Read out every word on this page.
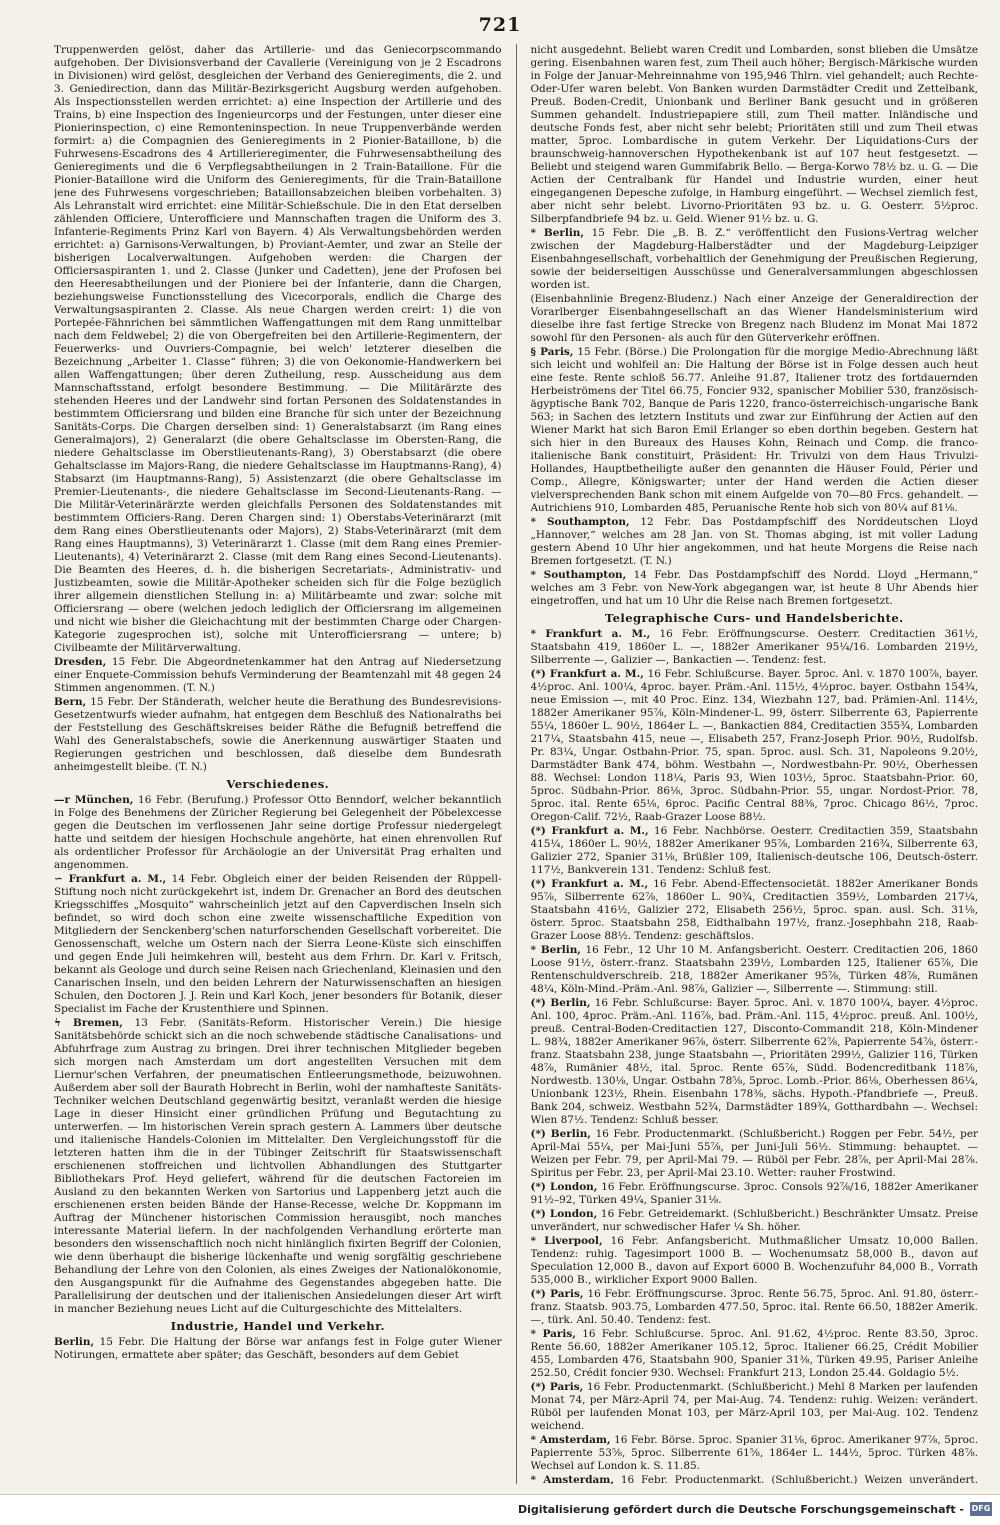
721

Truppenwerden gelöst, daher das Artillerie- und das Geniecorpscommando aufgehoben. Der Divisionsverband der Cavallerie (Vereinigung von je 2 Escadrons in Divisionen) wird gelöst, desgleichen der Verband des Genieregiments, die 2. und 3. Geniedirection, dann das Militär-Bezirksgericht Augsburg werden aufgehoben. Als Inspectionsstellen werden errichtet: a) eine Inspection der Artillerie und des Trains, b) eine Inspection des Ingenieurcorps und der Festungen, unter dieser eine Pionierinspection, c) eine Remonteninspection. In neue Truppenverbände werden formirt: a) die Compagnien des Genieregiments in 2 Pionier-Bataillone, b) die Fuhrwesens-Escadrons des 4 Artillerieregimenter, die Fuhrwesensabtheilung des Genieregiments und die 6 Verpflegsabtheilungen in 2 Train-Bataillone. Für die Pionier-Bataillone wird die Uniform des Genieregiments, für die Train-Bataillone jene des Fuhrwesens vorgeschrieben; Bataillonsabzeichen bleiben vorbehalten. 3) Als Lehranstalt wird errichtet: eine Militär-Schießschule. Die in den Etat derselben zählenden Officiere, Unterofficiere und Mannschaften tragen die Uniform des 3. Infanterie-Regiments Prinz Karl von Bayern. 4) Als Verwaltungsbehörden werden errichtet: a) Garnisons-Verwaltungen, b) Proviant-Aemter, und zwar an Stelle der bisherigen Localverwaltungen. Aufgehoben werden: die Chargen der Officiersaspiranten 1. und 2. Classe (Junker und Cadetten), jene der Profosen bei den Heeresabtheilungen und der Pioniere bei der Infanterie, dann die Chargen, beziehungsweise Functionsstellung des Vicecorporals, endlich die Charge des Verwaltungsaspiranten 2. Classe. Als neue Chargen werden creirt: 1) die von Portepée-Fähnrichen bei sämmtlichen Waffengattungen mit dem Rang unmittelbar nach dem Feldwebel; 2) die von Obergefreiten bei den Artillerie-Regimentern, der Feuerwerks- und Ouvriers-Compagnie, bei welch' letzterer dieselben die Bezeichnung „Arbeiter 1. Classe“ führen; 3) die von Oekonomie-Handwerkern bei allen Waffengattungen; über deren Zutheilung, resp. Ausscheidung aus dem Mannschaftsstand, erfolgt besondere Bestimmung. — Die Militärärzte des stehenden Heeres und der Landwehr sind fortan Personen des Soldatenstandes in bestimmtem Officiersrang und bilden eine Branche für sich unter der Bezeichnung Sanitäts-Corps. Die Chargen derselben sind: 1) Generalstabsarzt (im Rang eines Generalmajors), 2) Generalarzt (die obere Gehaltsclasse im Obersten-Rang, die niedere Gehaltsclasse im Oberstlieutenants-Rang), 3) Oberstabsarzt (die obere Gehaltsclasse im Majors-Rang, die niedere Gehaltsclasse im Hauptmanns-Rang), 4) Stabsarzt (im Hauptmanns-Rang), 5) Assistenzarzt (die obere Gehaltsclasse im Premier-Lieutenants-, die niedere Gehaltsclasse im Second-Lieutenants-Rang. — Die Militär-Veterinärärzte werden gleichfalls Personen des Soldatenstandes mit bestimmtem Officiers-Rang. Deren Chargen sind: 1) Oberstabs-Veterinärarzt (mit dem Rang eines Oberstlieutenants oder Majors), 2) Stabs-Veterinärarzt (mit dem Rang eines Hauptmanns), 3) Veterinärarzt 1. Classe (mit dem Rang eines Premier-Lieutenants), 4) Veterinärarzt 2. Classe (mit dem Rang eines Second-Lieutenants). Die Beamten des Heeres, d. h. die bisherigen Secretariats-, Administrativ- und Justizbeamten, sowie die Militär-Apotheker scheiden sich für die Folge bezüglich ihrer allgemein dienstlichen Stellung in: a) Militärbeamte und zwar: solche mit Officiersrang — obere (welchen jedoch lediglich der Officiersrang im allgemeinen und nicht wie bisher die Gleichachtung mit der bestimmten Charge oder Chargen-Kategorie zugesprochen ist), solche mit Unterofficiersrang — untere; b) Civilbeamte der Militärverwaltung.

Dresden, 15 Febr. Die Abgeordnetenkammer hat den Antrag auf Niedersetzung einer Enquete-Commission behufs Verminderung der Beamtenzahl mit 48 gegen 24 Stimmen angenommen. (T. N.)

Bern, 15 Febr. Der Ständerath, welcher heute die Berathung des Bundesrevisions-Gesetzentwurfs wieder aufnahm, hat entgegen dem Beschluß des Nationalraths bei der Feststellung des Geschäftskreises beider Räthe die Befugniß betreffend die Wahl des Generalstabschefs, sowie die Anerkennung auswärtiger Staaten und Regierungen gestrichen und beschlossen, daß dieselbe dem Bundesrath anheimgestellt bleibe. (T. N.)

Verschiedenes.

—r München, 16 Febr. (Berufung.) Professor Otto Benndorf, welcher bekanntlich in Folge des Benehmens der Züricher Regierung bei Gelegenheit der Pöbelexcesse gegen die Deutschen im verflossenen Jahr seine dortige Professur niedergelegt hatte und seitdem der hiesigen Hochschule angehörte, hat einen ehrenvollen Ruf als ordentlicher Professor für Archäologie an der Universität Prag erhalten und angenommen.

∽ Frankfurt a. M., 14 Febr. Obgleich einer der beiden Reisenden der Rüppell-Stiftung noch nicht zurückgekehrt ist, indem Dr. Grenacher an Bord des deutschen Kriegsschiffes „Mosquito“ wahrscheinlich jetzt auf den Capverdischen Inseln sich befindet, so wird doch schon eine zweite wissenschaftliche Expedition von Mitgliedern der Senckenberg'schen naturforschenden Gesellschaft vorbereitet. Die Genossenschaft, welche um Ostern nach der Sierra Leone-Küste sich einschiffen und gegen Ende Juli heimkehren will, besteht aus dem Frhrn. Dr. Karl v. Fritsch, bekannt als Geologe und durch seine Reisen nach Griechenland, Kleinasien und den Canarischen Inseln, und den beiden Lehrern der Naturwissenschaften an hiesigen Schulen, den Doctoren J. J. Rein und Karl Koch, jener besonders für Botanik, dieser Specialist im Fache der Krustenthiere und Spinnen.

ϟ Bremen, 13 Febr. (Sanitäts-Reform. Historischer Verein.) Die hiesige Sanitätsbehörde schickt sich an die noch schwebende städtische Canalisations- und Abfuhrfrage zum Austrag zu bringen. Drei ihrer technischen Mitglieder begeben sich morgen nach Amsterdam um dort angestellten Versuchen mit dem Liernur'schen Verfahren, der pneumatischen Entleerungsmethode, beizuwohnen. Außerdem aber soll der Baurath Hobrecht in Berlin, wohl der namhafteste Sanitäts-Techniker welchen Deutschland gegenwärtig besitzt, veranlaßt werden die hiesige Lage in dieser Hinsicht einer gründlichen Prüfung und Begutachtung zu unterwerfen. — Im historischen Verein sprach gestern A. Lammers über deutsche und italienische Handels-Colonien im Mittelalter. Den Vergleichungsstoff für die letzteren hatten ihm die in der Tübinger Zeitschrift für Staatswissenschaft erschienenen stoffreichen und lichtvollen Abhandlungen des Stuttgarter Bibliothekars Prof. Heyd geliefert, während für die deutschen Factoreien im Ausland zu den bekannten Werken von Sartorius und Lappenberg jetzt auch die erschienenen ersten beiden Bände der Hanse-Recesse, welche Dr. Koppmann im Auftrag der Münchener historischen Commission herausgibt, noch manches interessante Material liefern. In der nachfolgenden Verhandlung erörterte man besonders den wissenschaftlich noch nicht hinlänglich fixirten Begriff der Colonien, wie denn überhaupt die bisherige lückenhafte und wenig sorgfältig geschriebene Behandlung der Lehre von den Colonien, als eines Zweiges der Nationalökonomie, den Ausgangspunkt für die Aufnahme des Gegenstandes abgegeben hatte. Die Parallelisirung der deutschen und der italienischen Ansiedelungen dieser Art wirft in mancher Beziehung neues Licht auf die Culturgeschichte des Mittelalters.

Industrie, Handel und Verkehr.

Berlin, 15 Febr. Die Haltung der Börse war anfangs fest in Folge guter Wiener Notirungen, ermattete aber später; das Geschäft, besonders auf dem Gebiet

nicht ausgedehnt. Beliebt waren Credit und Lombarden, sonst blieben die Umsätze gering. Eisenbahnen waren fest, zum Theil auch höher; Bergisch-Märkische wurden in Folge der Januar-Mehreinnahme von 195,946 Thlrn. viel gehandelt; auch Rechte-Oder-Ufer waren belebt. Von Banken wurden Darmstädter Credit und Zettelbank, Preuß. Boden-Credit, Unionbank und Berliner Bank gesucht und in größeren Summen gehandelt. Industriepapiere still, zum Theil matter. Inländische und deutsche Fonds fest, aber nicht sehr belebt; Prioritäten still und zum Theil etwas matter, 5proc. Lombardische in gutem Verkehr. Der Liquidations-Curs der braunschweig-hannoverschen Hypothekenbank ist auf 107 heut festgesetzt. — Beliebt und steigend waren Gummifabrik Bello. — Berga-Korwo 78½ bz. u. G. — Die Actien der Centralbank für Handel und Industrie wurden, einer heut eingegangenen Depesche zufolge, in Hamburg eingeführt. — Wechsel ziemlich fest, aber nicht sehr belebt. Livorno-Prioritäten 93 bz. u. G. Oesterr. 5½proc. Silberpfandbriefe 94 bz. u. Geld. Wiener 91½ bz. u. G.

* Berlin, 15 Febr. Die „B. B. Z.“ veröffentlicht den Fusions-Vertrag welcher zwischen der Magdeburg-Halberstädter und der Magdeburg-Leipziger Eisenbahngesellschaft, vorbehaltlich der Genehmigung der Preußischen Regierung, sowie der beiderseitigen Ausschüsse und Generalversammlungen abgeschlossen worden ist.

(Eisenbahnlinie Bregenz-Bludenz.) Nach einer Anzeige der Generaldirection der Vorarlberger Eisenbahngesellschaft an das Wiener Handelsministerium wird dieselbe ihre fast fertige Strecke von Bregenz nach Bludenz im Monat Mai 1872 sowohl für den Personen- als auch für den Güterverkehr eröffnen.

§ Paris, 15 Febr. (Börse.) Die Prolongation für die morgige Medio-Abrechnung läßt sich leicht und wohlfeil an: Die Haltung der Börse ist in Folge dessen auch heut eine feste. Rente schloß 56.77. Anleihe 91.87, Italiener trotz des fortdauernden Herbeiströmens der Titel 66.75, Foncier 932, spanischer Mobilier 530, französisch-ägyptische Bank 702, Banque de Paris 1220, franco-österreichisch-ungarische Bank 563; in Sachen des letztern Instituts und zwar zur Einführung der Actien auf den Wiener Markt hat sich Baron Emil Erlanger so eben dorthin begeben. Gestern hat sich hier in den Bureaux des Hauses Kohn, Reinach und Comp. die franco-italienische Bank constituirt, Präsident: Hr. Trivulzi von dem Haus Trivulzi-Hollandes, Hauptbetheiligte außer den genannten die Häuser Fould, Périer und Comp., Allegre, Königswarter; unter der Hand werden die Actien dieser vielversprechenden Bank schon mit einem Aufgelde von 70—80 Frcs. gehandelt. — Autrichiens 910, Lombarden 485, Peruanische Rente hob sich von 80¼ auf 81⅛.

* Southampton, 12 Febr. Das Postdampfschiff des Norddeutschen Lloyd „Hannover,“ welches am 28 Jan. von St. Thomas abging, ist mit voller Ladung gestern Abend 10 Uhr hier angekommen, und hat heute Morgens die Reise nach Bremen fortgesetzt. (T. N.)

* Southampton, 14 Febr. Das Postdampfschiff des Nordd. Lloyd „Hermann,“ welches am 3 Febr. von New-York abgegangen war, ist heute 8 Uhr Abends hier eingetroffen, und hat um 10 Uhr die Reise nach Bremen fortgesetzt.

Telegraphische Curs- und Handelsberichte.

* Frankfurt a. M., 16 Febr. Eröffnungscurse. Oesterr. Creditactien 361½, Staatsbahn 419, 1860er L. —, 1882er Amerikaner 95¼/16. Lombarden 219½, Silberrente —, Galizier —, Bankactien —. Tendenz: fest.

(*) Frankfurt a. M., 16 Febr. Schlußcurse. Bayer. 5proc. Anl. v. 1870 100⅞, bayer. 4½proc. Anl. 100¼, 4proc. bayer. Präm.-Anl. 115½, 4½proc. bayer. Ostbahn 154¾, neue Emission —, mit 40 Proc. Einz. 134, Wiezbahn 127, bad. Prämien-Anl. 114½, 1882er Amerikaner 95⅞, Köln-Mindener-L. 99, österr. Silberrente 63, Papierrente 55¼, 1860er L. 90½, 1864er L. —, Bankactien 884, Creditactien 355¾, Lombarden 217¼, Staatsbahn 415, neue —, Elisabeth 257, Franz-Joseph Prior. 90½, Rudolfsb. Pr. 83¼, Ungar. Ostbahn-Prior. 75, span. 5proc. ausl. Sch. 31, Napoleons 9.20½, Darmstädter Bank 474, böhm. Westbahn —, Nordwestbahn-Pr. 90½, Oberhessen 88. Wechsel: London 118¼, Paris 93, Wien 103½, 5proc. Staatsbahn-Prior. 60, 5proc. Südbahn-Prior. 86⅛, 3proc. Südbahn-Prior. 55, ungar. Nordost-Prior. 78, 5proc. ital. Rente 65⅛, 6proc. Pacific Central 88⅜, 7proc. Chicago 86½, 7proc. Oregon-Calif. 72½, Raab-Grazer Loose 88½.

(*) Frankfurt a. M., 16 Febr. Nachbörse. Oesterr. Creditactien 359, Staatsbahn 415¼, 1860er L. 90½, 1882er Amerikaner 95⅞, Lombarden 216¾, Silberrente 63, Galizier 272, Spanier 31⅛, Brüßler 109, Italienisch-deutsche 106, Deutsch-österr. 117½, Bankverein 131. Tendenz: Schluß fest.

(*) Frankfurt a. M., 16 Febr. Abend-Effectensocietät. 1882er Amerikaner Bonds 95⅞, Silberrente 62⅞, 1860er L. 90¾, Creditactien 359½, Lombarden 217¼, Staatsbahn 416½, Galizier 272, Elisabeth 256½, 5proc. span. ausl. Sch. 31⅛, österr. 5proc. Staatsbahn 258, Eidthalbahn 197½, franz.-Josephbahn 218, Raab-Grazer Loose 88½. Tendenz: geschäftslos.

* Berlin, 16 Febr., 12 Uhr 10 M. Anfangsbericht. Oesterr. Creditactien 206, 1860 Loose 91½, österr.-franz. Staatsbahn 239½, Lombarden 125, Italiener 65⅞, Die Rentenschuldverschreib. 218, 1882er Amerikaner 95⅞, Türken 48⅞, Rumänen 48¼, Köln-Mind.-Präm.-Anl. 98⅞, Galizier —, Silberrente —. Stimmung: still.

(*) Berlin, 16 Febr. Schlußcurse: Bayer. 5proc. Anl. v. 1870 100¼, bayer. 4½proc. Anl. 100, 4proc. Präm.-Anl. 116⅞, bad. Präm.-Anl. 115, 4½proc. preuß. Anl. 100½, preuß. Central-Boden-Creditactien 127, Disconto-Commandit 218, Köln-Mindener L. 98¾, 1882er Amerikaner 96⅞, österr. Silberrente 62⅞, Papierrente 54⅞, österr.-franz. Staatsbahn 238, junge Staatsbahn —, Prioritäten 299½, Galizier 116, Türken 48⅞, Rumänier 48½, ital. 5proc. Rente 65⅞, Südd. Bodencreditbank 118⅞, Nordwestb. 130⅛, Ungar. Ostbahn 78⅝, 5proc. Lomb.-Prior. 86⅛, Oberhessen 86¼, Unionbank 123½, Rhein. Eisenbahn 178⅜, sächs. Hypoth.-Pfandbriefe —, Preuß. Bank 204, schweiz. Westbahn 52¾, Darmstädter 189¾, Gotthardbahn —. Wechsel: Wien 87½. Tendenz: Schluß besser.

(*) Berlin, 16 Febr. Productenmarkt. (Schlußbericht.) Roggen per Febr. 54½, per April-Mai 55¼, per Mai-Juni 55⅞, per Juni-Juli 56½. Stimmung: behauptet. — Weizen per Febr. 79, per April-Mai 79. — Rüböl per Febr. 28⅞, per April-Mai 28⅞. Spiritus per Febr. 23, per April-Mai 23.10. Wetter: rauher Frostwind.

(*) London, 16 Febr. Eröffnungscurse. 3proc. Consols 92⅞/16, 1882er Amerikaner 91½–92, Türken 49¼, Spanier 31⅛.

(*) London, 16 Febr. Getreidemarkt. (Schlußbericht.) Beschränkter Umsatz. Preise unverändert, nur schwedischer Hafer ¼ Sh. höher.

* Liverpool, 16 Febr. Anfangsbericht. Muthmaßlicher Umsatz 10,000 Ballen. Tendenz: ruhig. Tagesimport 1000 B. — Wochenumsatz 58,000 B., davon auf Speculation 12,000 B., davon auf Export 6000 B. Wochenzufuhr 84,000 B., Vorrath 535,000 B., wirklicher Export 9000 Ballen.

(*) Paris, 16 Febr. Eröffnungscurse. 3proc. Rente 56.75, 5proc. Anl. 91.80, österr.-franz. Staatsb. 903.75, Lombarden 477.50, 5proc. ital. Rente 66.50, 1882er Amerik. —, türk. Anl. 50.40. Tendenz: fest.

* Paris, 16 Febr. Schlußcurse. 5proc. Anl. 91.62, 4½proc. Rente 83.50, 3proc. Rente 56.60, 1882er Amerikaner 105.12, 5proc. Italiener 66.25, Crédit Mobilier 455, Lombarden 476, Staatsbahn 900, Spanier 31⅜, Türken 49.95, Pariser Anleihe 252.50, Crédit foncier 930. Wechsel: Frankfurt 213, London 25.44. Goldagio 5½.

(*) Paris, 16 Febr. Productenmarkt. (Schlußbericht.) Mehl 8 Marken per laufenden Monat 74, per März-April 74, per Mai-Aug. 74. Tendenz: ruhig. Weizen: verändert. Rüböl per laufenden Monat 103, per März-April 103, per Mai-Aug. 102. Tendenz weichend.

* Amsterdam, 16 Febr. Börse. 5proc. Spanier 31⅛, 6proc. Amerikaner 97⅞, 5proc. Papierrente 53⅝, 5proc. Silberrente 61⅝, 1864er L. 144½, 5proc. Türken 48⅞. Wechsel auf London k. S. 11.85.

* Amsterdam, 16 Febr. Productenmarkt. (Schlußbericht.) Weizen unverändert.

Digitalisierung gefördert durch die Deutsche Forschungsgemeinschaft - DFG
